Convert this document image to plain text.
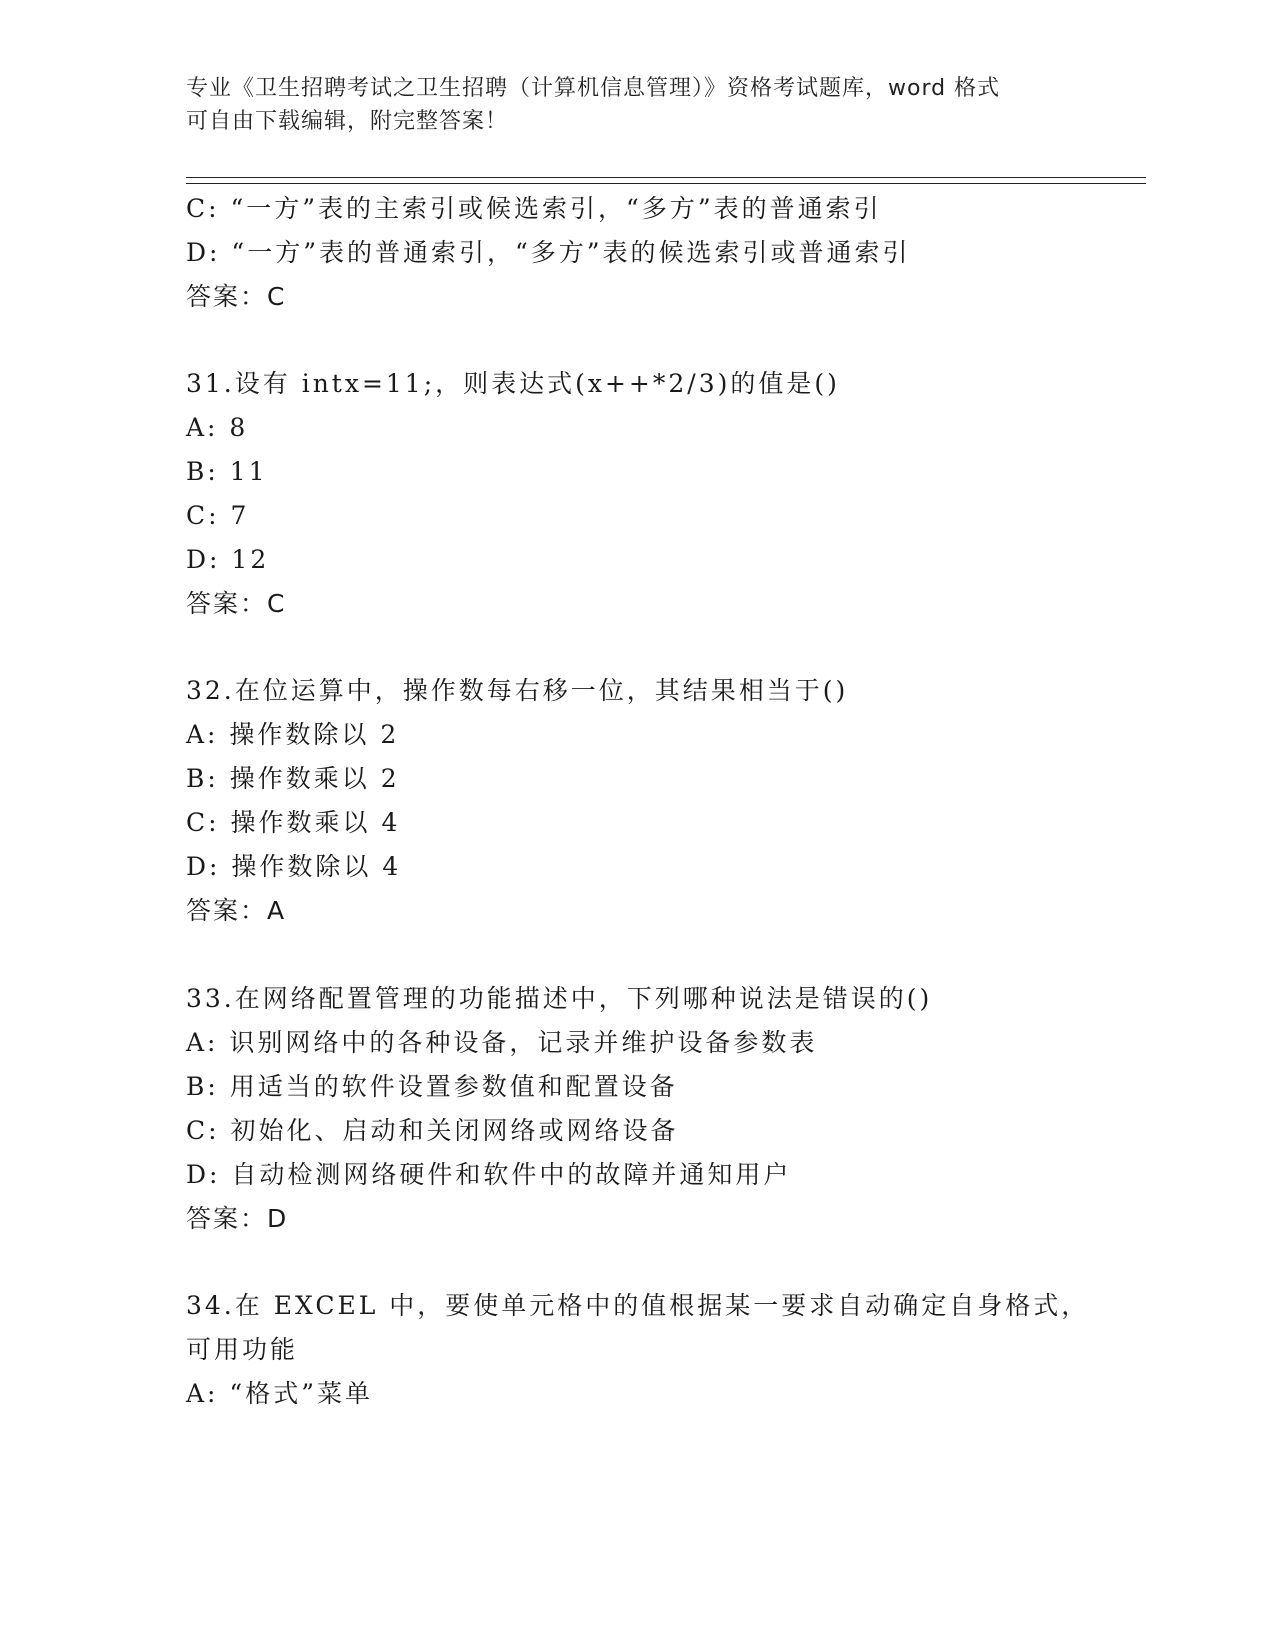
专业《卫生招聘考试之卫生招聘（计算机信息管理）》资格考试题库，word 格式
可自由下载编辑，附完整答案！
C: “一方”表的主索引或候选索引，“多方”表的普通索引
D: “一方”表的普通索引，“多方”表的候选索引或普通索引
答案：C
31.设有 intx=11;，则表达式(x++*2/3)的值是()
A: 8
B: 11
C: 7
D: 12
答案：C
32.在位运算中，操作数每右移一位，其结果相当于()
A: 操作数除以 2
B: 操作数乘以 2
C: 操作数乘以 4
D: 操作数除以 4
答案：A
33.在网络配置管理的功能描述中，下列哪种说法是错误的()
A: 识别网络中的各种设备，记录并维护设备参数表
B: 用适当的软件设置参数值和配置设备
C: 初始化、启动和关闭网络或网络设备
D: 自动检测网络硬件和软件中的故障并通知用户
答案：D
34.在 EXCEL 中，要使单元格中的值根据某一要求自动确定自身格式，
可用功能
A: “格式”菜单
